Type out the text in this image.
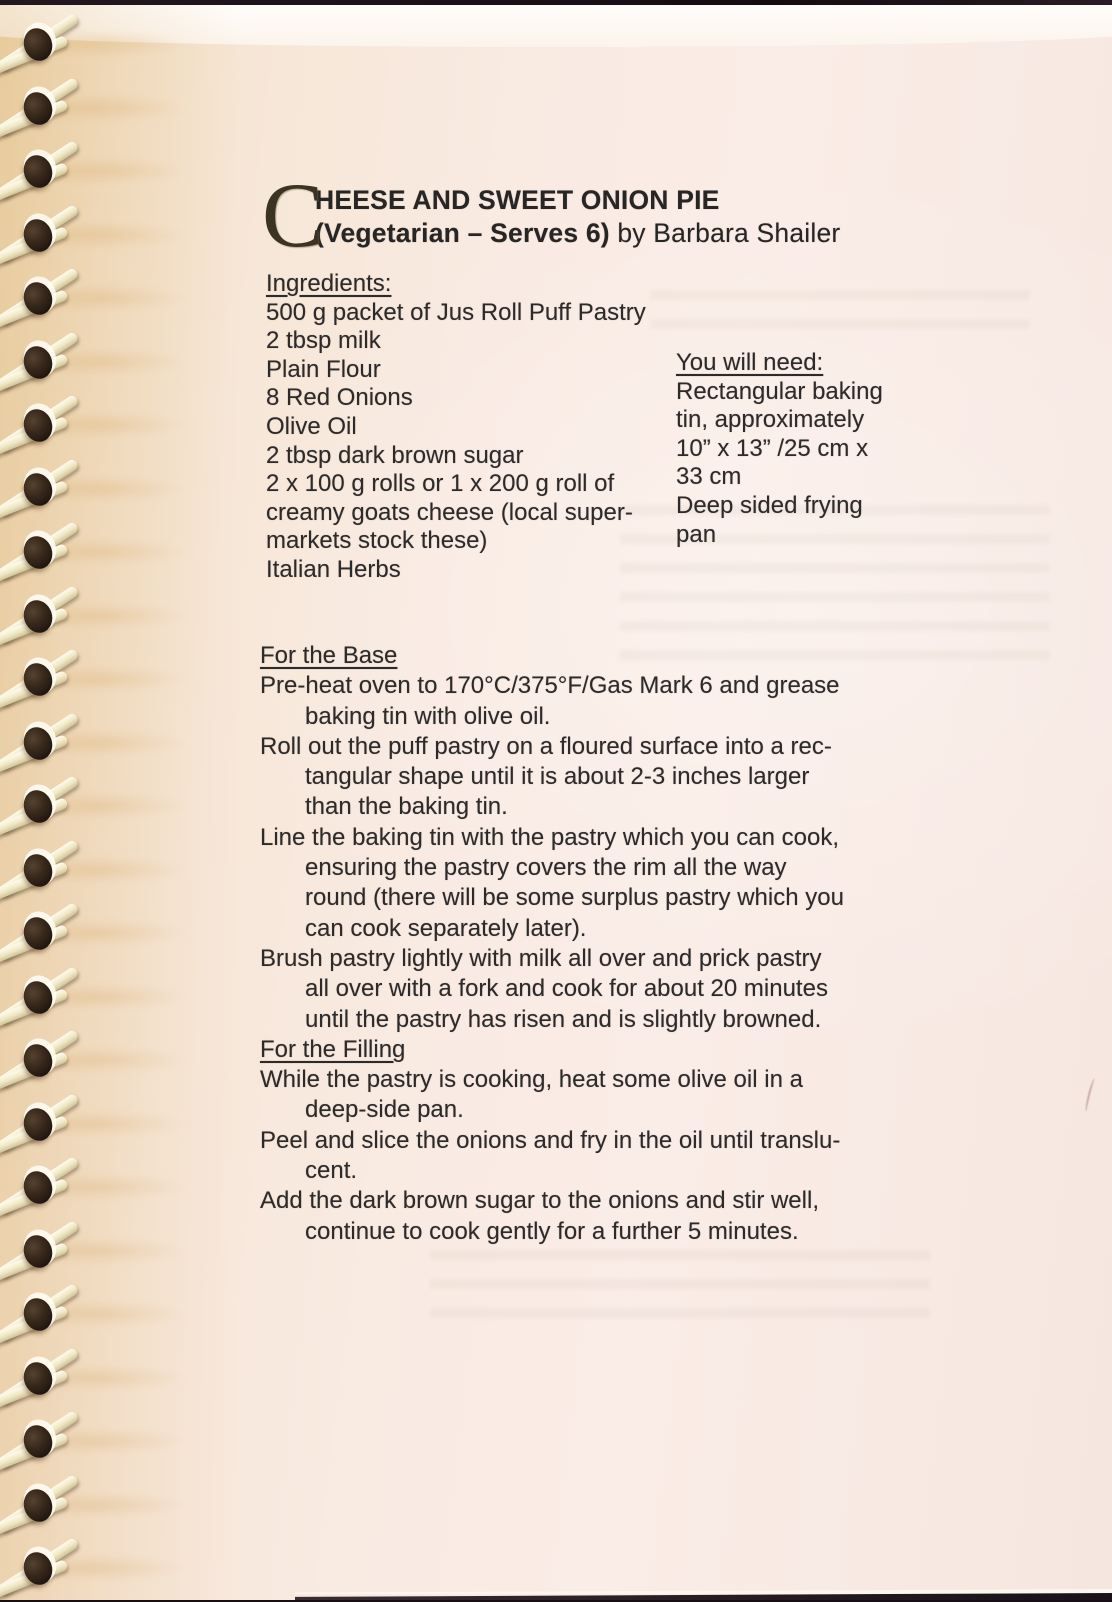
C
HEESE AND SWEET ONION PIE
(Vegetarian – Serves 6) by Barbara Shailer
Ingredients:
500 g packet of Jus Roll Puff Pastry
2 tbsp milk
Plain Flour
8 Red Onions
Olive Oil
2 tbsp dark brown sugar
2 x 100 g rolls or 1 x 200 g roll of
creamy goats cheese (local super-
markets stock these)
Italian Herbs
You will need:
Rectangular baking
tin, approximately
10” x 13” /25 cm x
33 cm
Deep sided frying
pan
For the Base
Pre-heat oven to 170°C/375°F/Gas Mark 6 and grease
baking tin with olive oil.
Roll out the puff pastry on a floured surface into a rec-
tangular shape until it is about 2-3 inches larger
than the baking tin.
Line the baking tin with the pastry which you can cook,
ensuring the pastry covers the rim all the way
round (there will be some surplus pastry which you
can cook separately later).
Brush pastry lightly with milk all over and prick pastry
all over with a fork and cook for about 20 minutes
until the pastry has risen and is slightly browned.
For the Filling
While the pastry is cooking, heat some olive oil in a
deep-side pan.
Peel and slice the onions and fry in the oil until translu-
cent.
Add the dark brown sugar to the onions and stir well,
continue to cook gently for a further 5 minutes.
